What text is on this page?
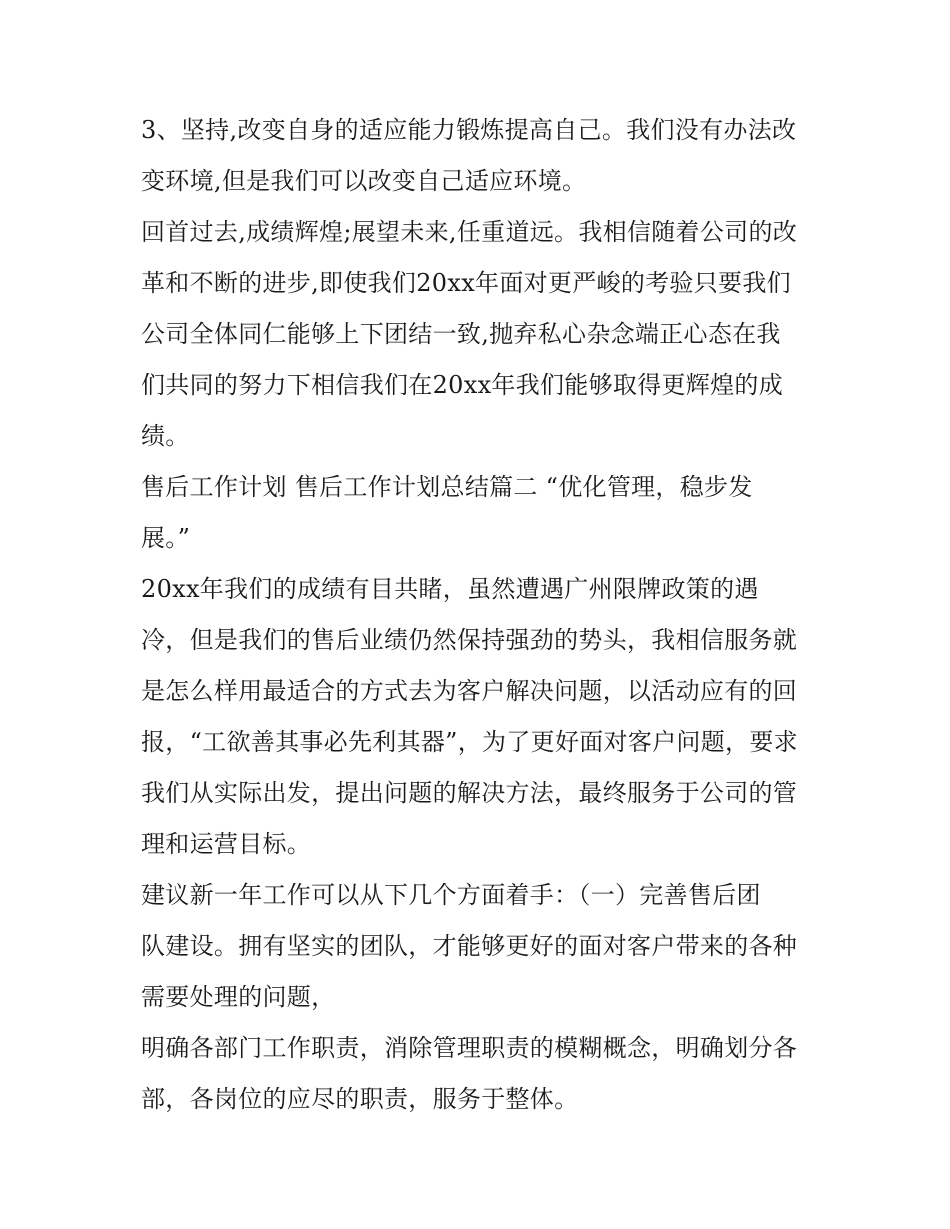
3、坚持,改变自身的适应能力锻炼提高自己。我们没有办法改
变环境,但是我们可以改变自己适应环境。

回首过去,成绩辉煌;展望未来,任重道远。我相信随着公司的改
革和不断的进步,即使我们20xx年面对更严峻的考验只要我们
公司全体同仁能够上下团结一致,抛弃私心杂念端正心态在我
们共同的努力下相信我们在20xx年我们能够取得更辉煌的成
绩。

售后工作计划 售后工作计划总结篇二 “优化管理，稳步发
展。”

20xx年我们的成绩有目共睹，虽然遭遇广州限牌政策的遇
冷，但是我们的售后业绩仍然保持强劲的势头，我相信服务就
是怎么样用最适合的方式去为客户解决问题，以活动应有的回
报，“工欲善其事必先利其器”，为了更好面对客户问题，要求
我们从实际出发，提出问题的解决方法，最终服务于公司的管
理和运营目标。

建议新一年工作可以从下几个方面着手：（一）完善售后团
队建设。拥有坚实的团队，才能够更好的面对客户带来的各种
需要处理的问题，

明确各部门工作职责，消除管理职责的模糊概念，明确划分各
部，各岗位的应尽的职责，服务于整体。
